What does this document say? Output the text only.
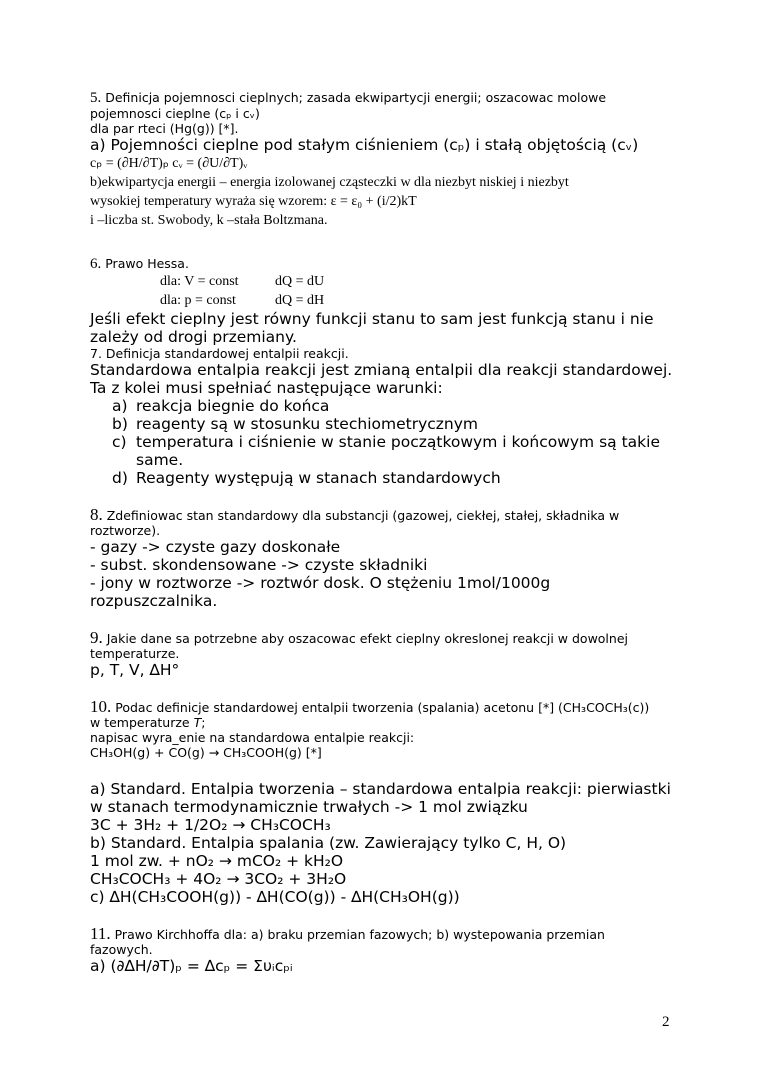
5. Definicja pojemnosci cieplnych; zasada ekwipartycji energii; oszacowac molowe

pojemnosci cieplne (cₚ i cᵥ)

dla par rteci (Hg(g)) [*].

a) Pojemności cieplne pod stałym ciśnieniem (cₚ) i stałą objętością (cᵥ)

cₚ = (∂H/∂T)ₚ cᵥ = (∂U/∂T)ᵥ

b)ekwipartycja energii – energia izolowanej cząsteczki w dla niezbyt niskiej i niezbyt

wysokiej temperatury wyraża się wzorem: ε = ε₀ + (i/2)kT

i –liczba st. Swobody, k –stała Boltzmana.

6. Prawo Hessa.

dla: V = const	dQ = dU

dla: p = const	dQ = dH

Jeśli efekt cieplny jest równy funkcji stanu to sam jest funkcją stanu i nie

zależy od drogi przemiany.

7. Definicja standardowej entalpii reakcji.

Standardowa entalpia reakcji jest zmianą entalpii dla reakcji standardowej.

Ta z kolei musi spełniać następujące warunki:

a) reakcja biegnie do końca
b) reagenty są w stosunku stechiometrycznym
c) temperatura i ciśnienie w stanie początkowym i końcowym są takie
same.
d) Reagenty występują w stanach standardowych

8. Zdefiniowac stan standardowy dla substancji (gazowej, ciekłej, stałej, składnika w

roztworze).

- gazy -> czyste gazy doskonałe

- subst. skondensowane -> czyste składniki

- jony w roztworze -> roztwór dosk. O stężeniu 1mol/1000g

rozpuszczalnika.

9. Jakie dane sa potrzebne aby oszacowac efekt cieplny okreslonej reakcji w dowolnej

temperaturze.

p, T, V, ∆H°

10. Podac definicje standardowej entalpii tworzenia (spalania) acetonu [*] (CH₃COCH₃(c))

w temperaturze T;

napisac wyra_enie na standardowa entalpie reakcji:

CH₃OH(g) + CO(g) → CH₃COOH(g) [*]

a) Standard. Entalpia tworzenia – standardowa entalpia reakcji: pierwiastki

w stanach termodynamicznie trwałych -> 1 mol związku

3C + 3H₂ + 1/2O₂ → CH₃COCH₃

b) Standard. Entalpia spalania (zw. Zawierający tylko C, H, O)

1 mol zw. + nO₂ → mCO₂ + kH₂O

CH₃COCH₃ + 4O₂ → 3CO₂ + 3H₂O

c) ∆H(CH₃COOH(g)) - ∆H(CO(g)) - ∆H(CH₃OH(g))

11. Prawo Kirchhoffa dla: a) braku przemian fazowych; b) wystepowania przemian

fazowych.

a) (∂∆H/∂T)ₚ = ∆cₚ = Συᵢcₚᵢ

2
